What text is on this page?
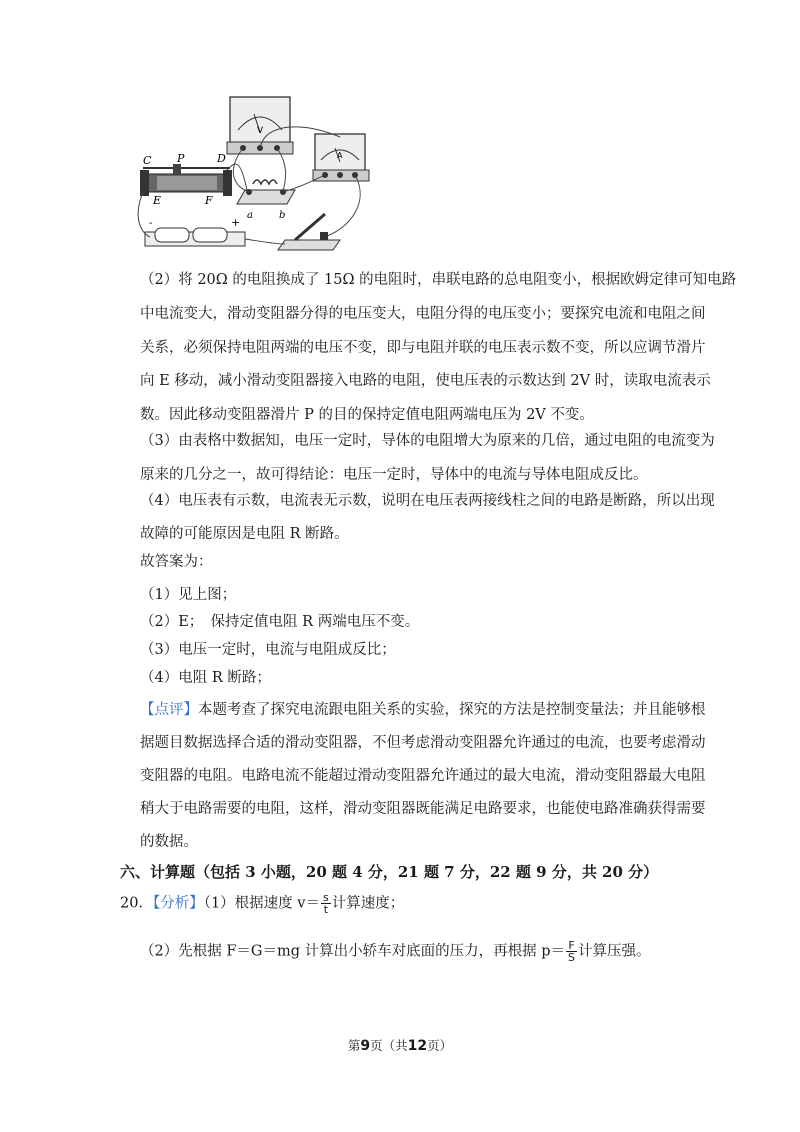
V
A
C P	D
E	F
a	b
-	+
（2）将 20Ω 的电阻换成了 15Ω 的电阻时，串联电路的总电阻变小，根据欧姆定律可知电路
中电流变大，滑动变阻器分得的电压变大，电阻分得的电压变小；要探究电流和电阻之间
关系，必须保持电阻两端的电压不变，即与电阻并联的电压表示数不变，所以应调节滑片
向 E 移动，减小滑动变阻器接入电路的电阻，使电压表的示数达到 2V 时，读取电流表示
数。因此移动变阻器滑片 P 的目的保持定值电阻两端电压为 2V 不变。
（3）由表格中数据知，电压一定时，导体的电阻增大为原来的几倍，通过电阻的电流变为
原来的几分之一，故可得结论：电压一定时，导体中的电流与导体电阻成反比。
（4）电压表有示数，电流表无示数，说明在电压表两接线柱之间的电路是断路，所以出现
故障的可能原因是电阻 R 断路。
故答案为：
（1）见上图；
（2）E；　保持定值电阻 R 两端电压不变。
（3）电压一定时，电流与电阻成反比；
（4）电阻 R 断路；
【点评】本题考查了探究电流跟电阻关系的实验，探究的方法是控制变量法；并且能够根
据题目数据选择合适的滑动变阻器，不但考虑滑动变阻器允许通过的电流，也要考虑滑动
变阻器的电阻。电路电流不能超过滑动变阻器允许通过的最大电流，滑动变阻器最大电阻
稍大于电路需要的电阻，这样，滑动变阻器既能满足电路要求，也能使电路准确获得需要
的数据。
六、计算题（包括 3 小题，20 题 4 分，21 题 7 分，22 题 9 分，共 20 分）
20．【分析】（1）根据速度 $v= \frac{s}{t}$ 计算速度；
（2）先根据 F＝G＝mg 计算出小轿车对底面的压力，再根据 $p= \frac{F}{S}$ 计算压强。
第9页（共12页）
